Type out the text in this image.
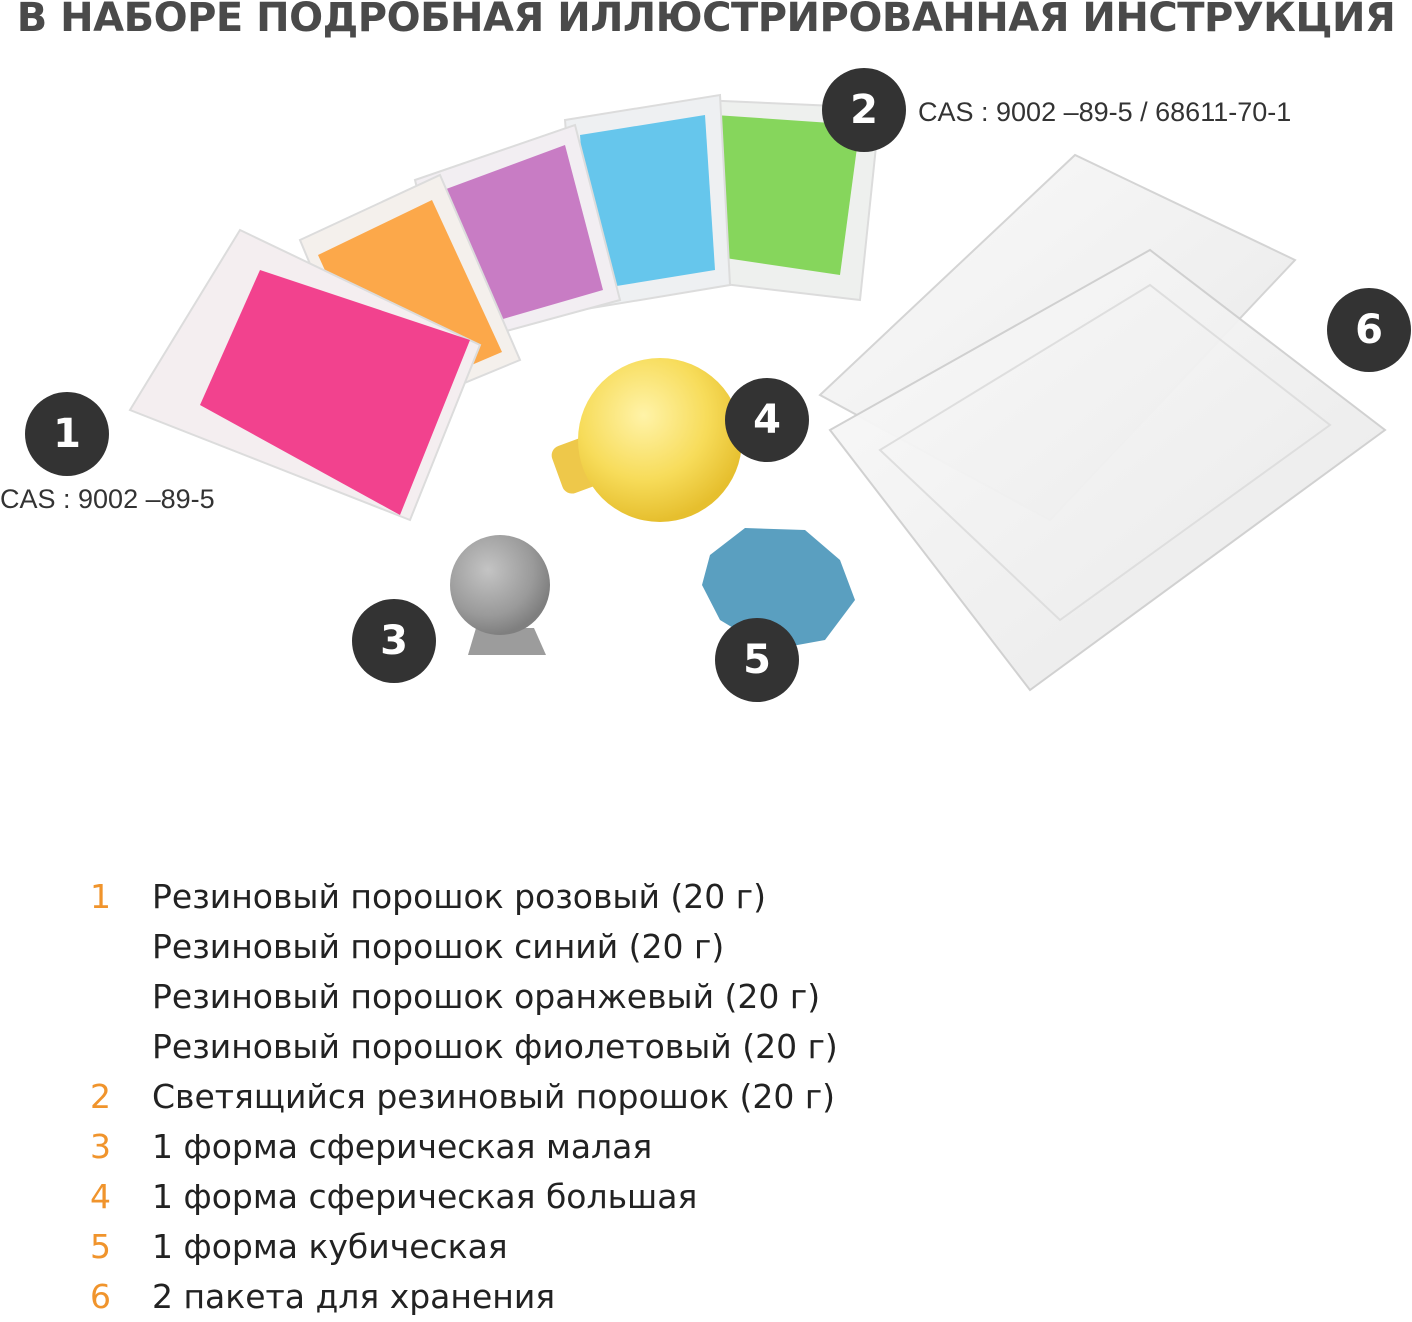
В НАБОРЕ ПОДРОБНАЯ ИЛЛЮСТРИРОВАННАЯ ИНСТРУКЦИЯ
1
2
3
4
5
6
CAS : 9002 –89-5
CAS : 9002 –89-5 / 68611-70-1
1	Резиновый порошок розовый (20 г)
Резиновый порошок синий (20 г)
Резиновый порошок оранжевый (20 г)
Резиновый порошок фиолетовый (20 г)
2	Светящийся резиновый порошок (20 г)
3	1 форма сферическая малая
4	1 форма сферическая большая
5	1 форма кубическая
6	2 пакета для хранения
